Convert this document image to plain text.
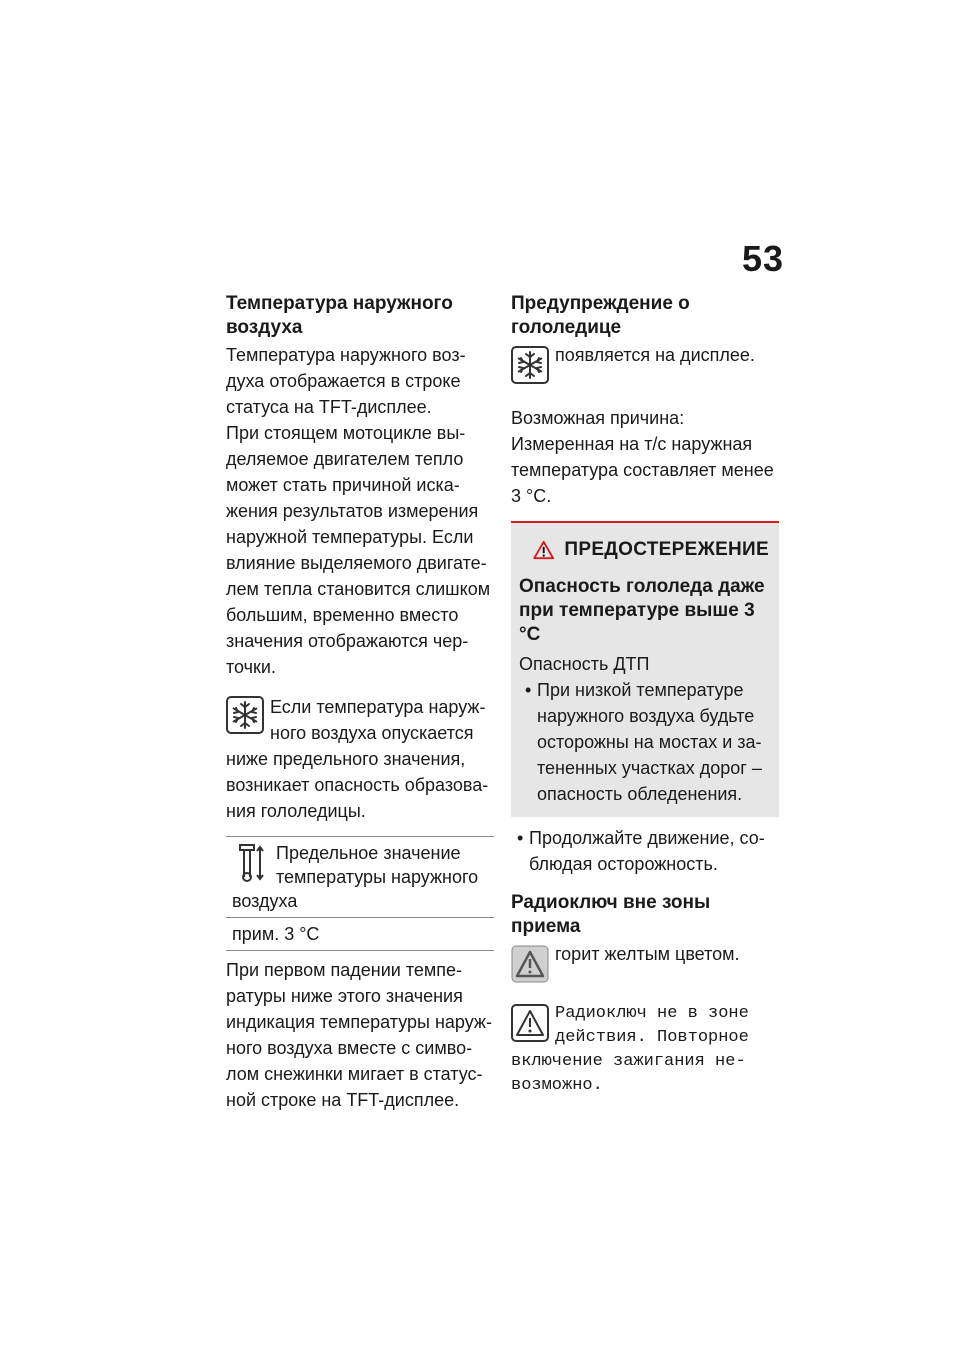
53
Температура наружного воздуха

Температура наружного воздуха отображается в строке статуса на TFT-дисплее.

При стоящем мотоцикле выделяемое двигателем тепло может стать причиной искажения результатов измерения наружной температуры. Если влияние выделяемого двигателем тепла становится слишком большим, временно вместо значения отображаются черточки.

Если температура наружного воздуха опускается ниже предельного значения, возникает опасность образования гололедицы.

Предельное значение температуры наружного воздуха
прим. 3 °C

При первом падении температуры ниже этого значения индикация температуры наружного воздуха вместе с символом снежинки мигает в статусной строке на TFT-дисплее.

Предупреждение о гололедице

появляется на дисплее.

Возможная причина:

Измеренная на т/с наружная температура составляет менее 3 °C.

ПРЕДОСТЕРЕЖЕНИЕ

Опасность гололеда даже при температуре выше 3 °C

Опасность ДТП

• При низкой температуре наружного воздуха будьте осторожны на мостах и затененных участках дорог – опасность обледенения.
• Продолжайте движение, соблюдая осторожность.
Радиоключ вне зоны приема

горит желтым цветом.

Радиоключ не в зоне действия. Повторное включение зажигания невозможно.
